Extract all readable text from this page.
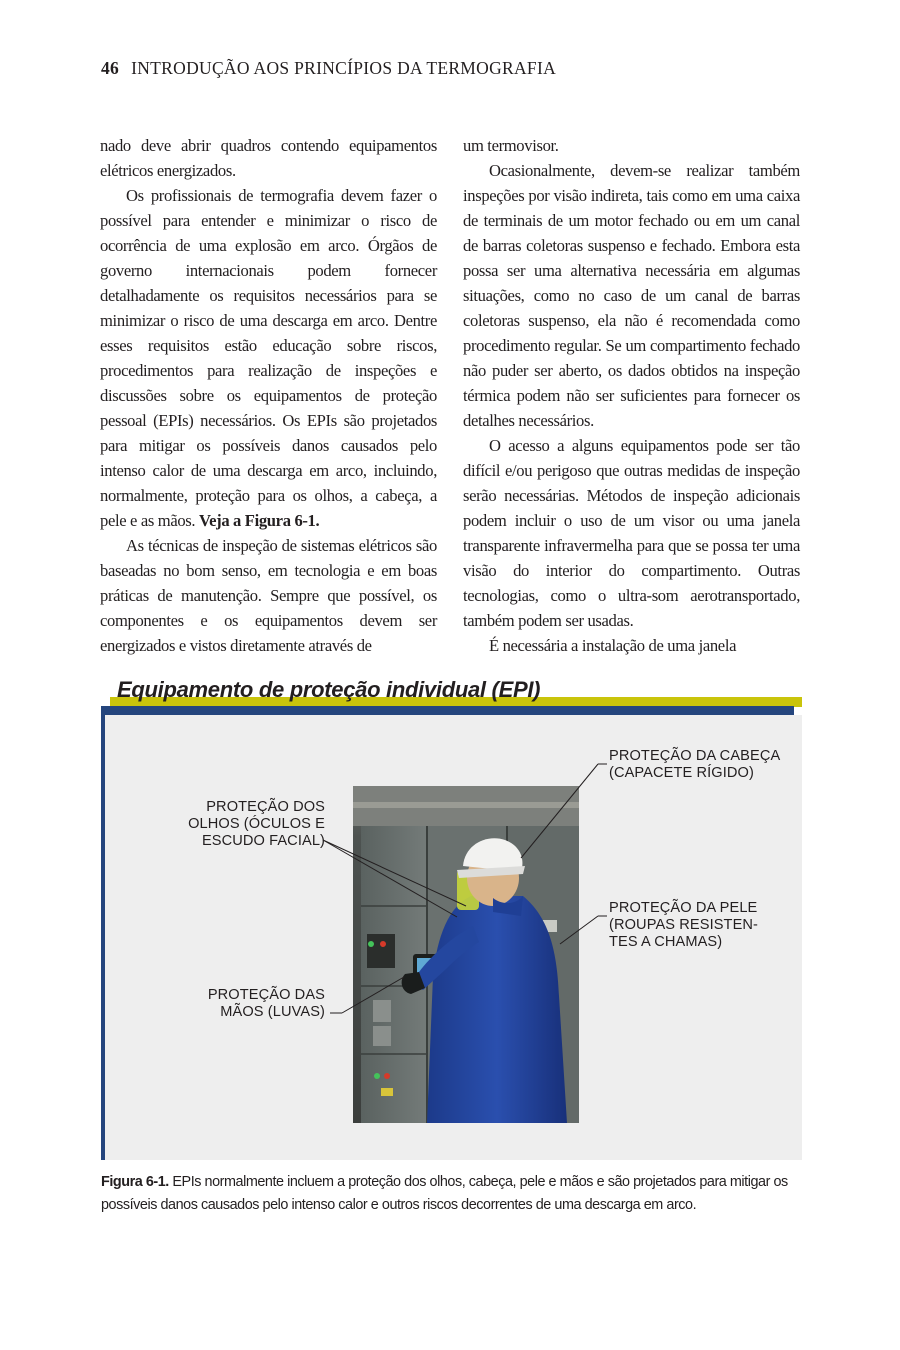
46 INTRODUÇÃO AOS PRINCÍPIOS DA TERMOGRAFIA

nado deve abrir quadros contendo equipamentos elétricos energizados.

Os profissionais de termografia devem fazer o possível para entender e minimizar o risco de ocorrência de uma explosão em arco. Órgãos de governo internacionais podem fornecer detalhadamente os requisitos necessários para se minimizar o risco de uma descarga em arco. Dentre esses requisitos estão educação sobre riscos, procedimentos para realização de inspeções e discussões sobre os equipamentos de proteção pessoal (EPIs) necessários. Os EPIs são projetados para mitigar os possíveis danos causados pelo intenso calor de uma descarga em arco, incluindo, normalmente, proteção para os olhos, a cabeça, a pele e as mãos. Veja a Figura 6-1.

As técnicas de inspeção de sistemas elétricos são baseadas no bom senso, em tecnologia e em boas práticas de manutenção. Sempre que possível, os componentes e os equipamentos devem ser energizados e vistos diretamente através de

um termovisor.

Ocasionalmente, devem-se realizar também inspeções por visão indireta, tais como em uma caixa de terminais de um motor fechado ou em um canal de barras coletoras suspenso e fechado. Embora esta possa ser uma alternativa necessária em algumas situações, como no caso de um canal de barras coletoras suspenso, ela não é recomendada como procedimento regular. Se um compartimento fechado não puder ser aberto, os dados obtidos na inspeção térmica podem não ser suficientes para fornecer os detalhes necessários.

O acesso a alguns equipamentos pode ser tão difícil e/ou perigoso que outras medidas de inspeção serão necessárias. Métodos de inspeção adicionais podem incluir o uso de um visor ou uma janela transparente infravermelha para que se possa ter uma visão do interior do compartimento. Outras tecnologias, como o ultra-som aerotransportado, também podem ser usadas.

É necessária a instalação de uma janela

Equipamento de proteção individual (EPI)
PROTEÇÃO DA CABEÇA
(CAPACETE RÍGIDO)
PROTEÇÃO DOS
OLHOS (ÓCULOS E
ESCUDO FACIAL)
PROTEÇÃO DA PELE
(ROUPAS RESISTEN-
TES A CHAMAS)
PROTEÇÃO DAS
MÃOS (LUVAS)
Figura 6-1. EPIs normalmente incluem a proteção dos olhos, cabeça, pele e mãos e são projetados para mitigar os possíveis danos causados pelo intenso calor e outros riscos decorrentes de uma descarga em arco.
